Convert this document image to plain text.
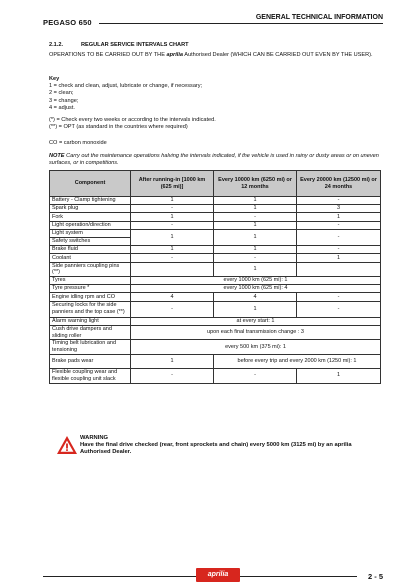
PEGASO 650
GENERAL TECHNICAL INFORMATION
2.1.2.	REGULAR SERVICE INTERVALS CHART
OPERATIONS TO BE CARRIED OUT BY THE aprilia Authorised Dealer (WHICH CAN BE CARRIED OUT EVEN BY THE USER).
Key
1 = check and clean, adjust, lubricate or change, if necessary;
2 = clean;
3 = change;
4 = adjust.
(*) = Check every two weeks or according to the intervals indicated.
(**) = OPT (as standard in the countries where required)
CO = carbon monoxide
NOTE Carry out the maintenance operations halving the intervals indicated, if the vehicle is used in rainy or dusty areas or on uneven surfaces, or in competitions.
Component	After running-in [1000 km (625 mi)]	Every 10000 km (6250 mi) or 12 months	Every 20000 km (12500 mi) or 24 months
Battery - Clamp tightening	1	1	-
Spark plug	-	1	3
Fork	1	-	1
Light operation/direction	-	1	-
Light system	1	1	-
Safety switches			
Brake fluid	1	1	-
Coolant	-	-	1
Side panniers coupling pins (**)		1	
Tyres	every 1000 km (625 mi): 1		
Tyre pressure *	every 1000 km (625 mi): 4		
Engine idling rpm and CO	4	4	-
Securing locks for the side panniers and the top case (**)	-	1	-
Alarm warning light	at every start: 1		
Cush drive dampers and sliding roller	upon each final transmission change : 3		
Timing belt lubrication and tensioning	every 500 km (375 mi): 1		
Brake pads wear	1	before every trip and every 2000 km (1250 mi): 1	
Flexible coupling wear and flexible coupling unit slack	-	-	1
WARNING
Have the final drive checked (rear, front sprockets and chain) every 5000 km (3125 mi) by an aprilia Authorised Dealer.
aprilia	2 - 5
